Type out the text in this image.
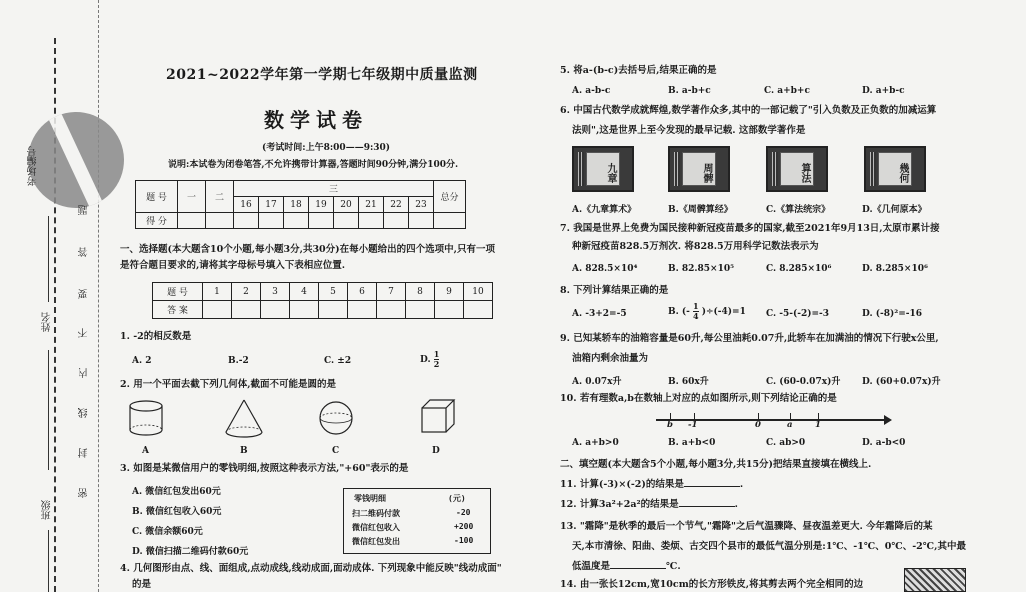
考场编号
姓名
班级
题
答
要
不
内
线
封
密
2021~2022学年第一学期七年级期中质量监测
数学试卷
(考试时间:上午8:00——9:30)
说明:本试卷为闭卷笔答,不允许携带计算器,答题时间90分钟,满分100分.
题 号	一	二	三								总分
			16	17	18	19	20	21	22	23	
得 分											
一、选择题(本大题含10个小题,每小题3分,共30分)在每小题给出的四个选项中,只有一项是符合题目要求的,请将其字母标号填入下表相应位置.
题 号	1	2	3	4	5	6	7	8	9	10
答 案										
1. -2的相反数是
A. 2	B.-2	C. ±2	D. $\frac{1}{2}$
2. 用一个平面去截下列几何体,截面不可能是圆的是
A	B	C	D
3. 如图是某微信用户的零钱明细,按照这种表示方法,"+60"表示的是
A. 微信红包发出60元
B. 微信红包收入60元
C. 微信余额60元
D. 微信扫描二维码付款60元
零钱明细	(元)
扫二维码付款	-20
微信红包收入	+200
微信红包发出	-100
4. 几何图形由点、线、面组成,点动成线,线动成面,面动成体. 下列现象中能反映"线动成面"
的是
5. 将a-(b-c)去括号后,结果正确的是
A. a-b-c	B. a-b+c	C. a+b+c	D. a+b-c
6. 中国古代数学成就辉煌,数学著作众多,其中的一部记载了"引入负数及正负数的加减运算
法则",这是世界上至今发现的最早记载. 这部数学著作是
九章	周髀	算法	幾何
A.《九章算术》	B.《周髀算经》	C.《算法统宗》	D.《几何原本》
7. 我国是世界上免费为国民接种新冠疫苗最多的国家,截至2021年9月13日,太原市累计接
种新冠疫苗828.5万剂次. 将828.5万用科学记数法表示为
A. 828.5×10⁴	B. 82.85×10⁵	C. 8.285×10⁶	D. 8.285×10⁶
8. 下列计算结果正确的是
A. -3+2=-5	B. (- $\frac{1}{4} )\div(-4)=1$ C. -5-(-2)=-3	D. (-8)²=-16
9. 已知某轿车的油箱容量是60升,每公里油耗0.07升,此轿车在加满油的情况下行驶x公里,
油箱内剩余油量为
A. 0.07x升	B. 60x升	C. (60-0.07x)升 D. (60+0.07x)升
10. 若有理数a,b在数轴上对应的点如图所示,则下列结论正确的是
b -1	0	a	1
A. a+b>0	B. a+b<0	C. ab>0	D. a-b<0
二、填空题(本大题含5个小题,每小题3分,共15分)把结果直接填在横线上.
11. 计算(-3)×(-2)的结果是	.
12. 计算3a²+2a²的结果是	.
13. "霜降"是秋季的最后一个节气,"霜降"之后气温骤降、昼夜温差更大. 今年霜降后的某
天,本市清徐、阳曲、娄烦、古交四个县市的最低气温分别是:1℃、-1℃、0℃、-2℃,其中最
低温度是	℃.
14. 由一张长12cm,宽10cm的长方形铁皮,将其剪去两个完全相同的边
